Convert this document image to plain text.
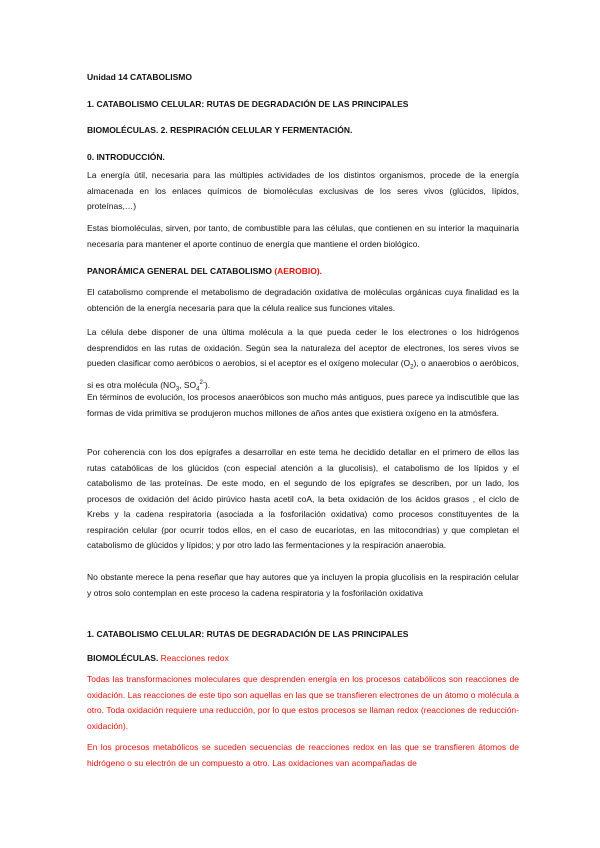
Unidad 14 CATABOLISMO
1. CATABOLISMO CELULAR: RUTAS DE DEGRADACIÓN DE LAS PRINCIPALES
BIOMOLÉCULAS. 2. RESPIRACIÓN CELULAR Y FERMENTACIÓN.
0. INTRODUCCIÓN.
La energía útil, necesaria para las múltiples actividades de los distintos organismos, procede de la energía almacenada en los enlaces químicos de biomoléculas exclusivas de los seres vivos (glúcidos, lípidos, proteínas,…)
Estas biomoléculas, sirven, por tanto, de combustible para las células, que contienen en su interior la maquinaria necesaria para mantener el aporte continuo de energía que mantiene el orden biológico.
PANORÁMICA GENERAL DEL CATABOLISMO (AEROBIO).
El catabolismo comprende el metabolismo de degradación oxidativa de moléculas orgánicas cuya finalidad es la obtención de la energía necesaria para que la célula realice sus funciones vitales.
La célula debe disponer de una última molécula a la que pueda ceder le los electrones o los hidrógenos desprendidos en las rutas de oxidación. Según sea la naturaleza del aceptor de electrones, los seres vivos se pueden clasificar como aeróbicos o aerobios, si el aceptor es el oxígeno molecular $(O_2)$, o anaerobios o aeróbicos, si es otra molécula ($NO_3$, $SO_4^{2-}$).
En términos de evolución, los procesos anaeróbicos son mucho más antiguos, pues parece ya indiscutible que las formas de vida primitiva se produjeron muchos millones de años antes que existiera oxígeno en la atmósfera.
Por coherencia con los dos epígrafes a desarrollar en este tema he decidido detallar en el primero de ellos las rutas catabólicas de los glúcidos (con especial atención a la glucolisis), el catabolismo de los lípidos y el catabolismo de las proteínas. De este modo, en el segundo de los epígrafes se describen, por un lado, los procesos de oxidación del ácido pirúvico hasta acetil coA, la beta oxidación de los ácidos grasos , el ciclo de Krebs y la cadena respiratoria (asociada a la fosforilación oxidativa) como procesos constituyentes de la respiración celular (por ocurrir todos ellos, en el caso de eucariotas, en las mitocondrias) y que completan el catabolismo de glúcidos y lípidos; y por otro lado las fermentaciones y la respiración anaerobia.
No obstante merece la pena reseñar que hay autores que ya incluyen la propia glucolisis en la respiración celular y otros solo contemplan en este proceso la cadena respiratoria y la fosforilación oxidativa
1. CATABOLISMO CELULAR: RUTAS DE DEGRADACIÓN DE LAS PRINCIPALES
BIOMOLÉCULAS. Reacciones redox
Todas las transformaciones moleculares que desprenden energía en los procesos catabólicos son reacciones de oxidación. Las reacciones de este tipo son aquellas en las que se transfieren electrones de un átomo o molécula a otro. Toda oxidación requiere una reducción, por lo que estos procesos se llaman redox (reacciones de reducción-oxidación).
En los procesos metabólicos se suceden secuencias de reacciones redox en las que se transfieren átomos de hidrógeno o su electrón de un compuesto a otro. Las oxidaciones van acompañadas de
